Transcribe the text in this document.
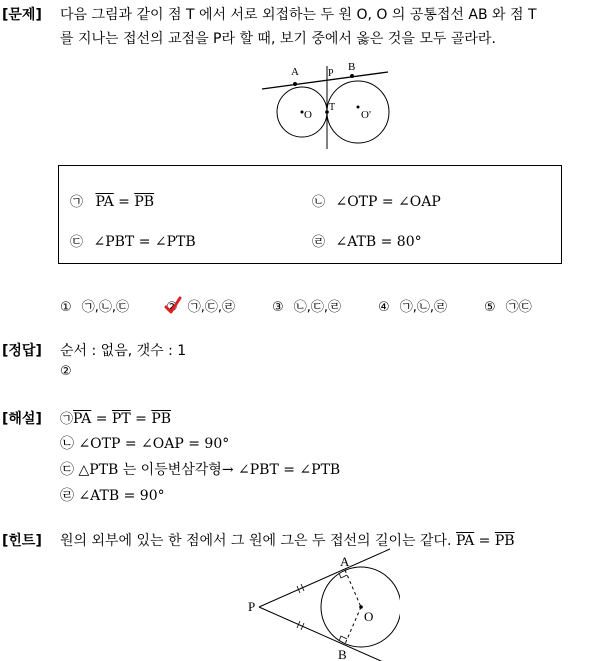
[문제] 다음 그림과 같이 점 T 에서 서로 외접하는 두 원 O, O 의 공통접선 AB 와 점 T
를 지나는 접선의 교점을 P라 할 때, 보기 중에서 옳은 것을 모두 골라라.
A	P
B
O
T
O'
㉠ $\overline{PA} = \overline{PB}$	㉡ ∠OTP = ∠OAP
㉢ ∠PBT = ∠PTB	㉣ ∠ATB = 80°
① ㉠,㉡,㉢	② ㉠,㉢,㉣	③ ㉡,㉢,㉣	④ ㉠,㉡,㉣	⑤ ㉠㉢
[정답] 순서 : 없음, 갯수 : 1
②
[해설] $㉠\overline{PA} = \overline{PT} = \overline{PB}$
㉡ ∠OTP = ∠OAP = 90°
㉢ △PTB 는 이등변삼각형→ ∠PBT = ∠PTB
㉣ ∠ATB = 90°
[힌트] 원의 외부에 있는 한 점에서 그 원에 그은 두 접선의 길이는 같다. $\overline{PA} = \overline{PB}$
A
B
P
O
